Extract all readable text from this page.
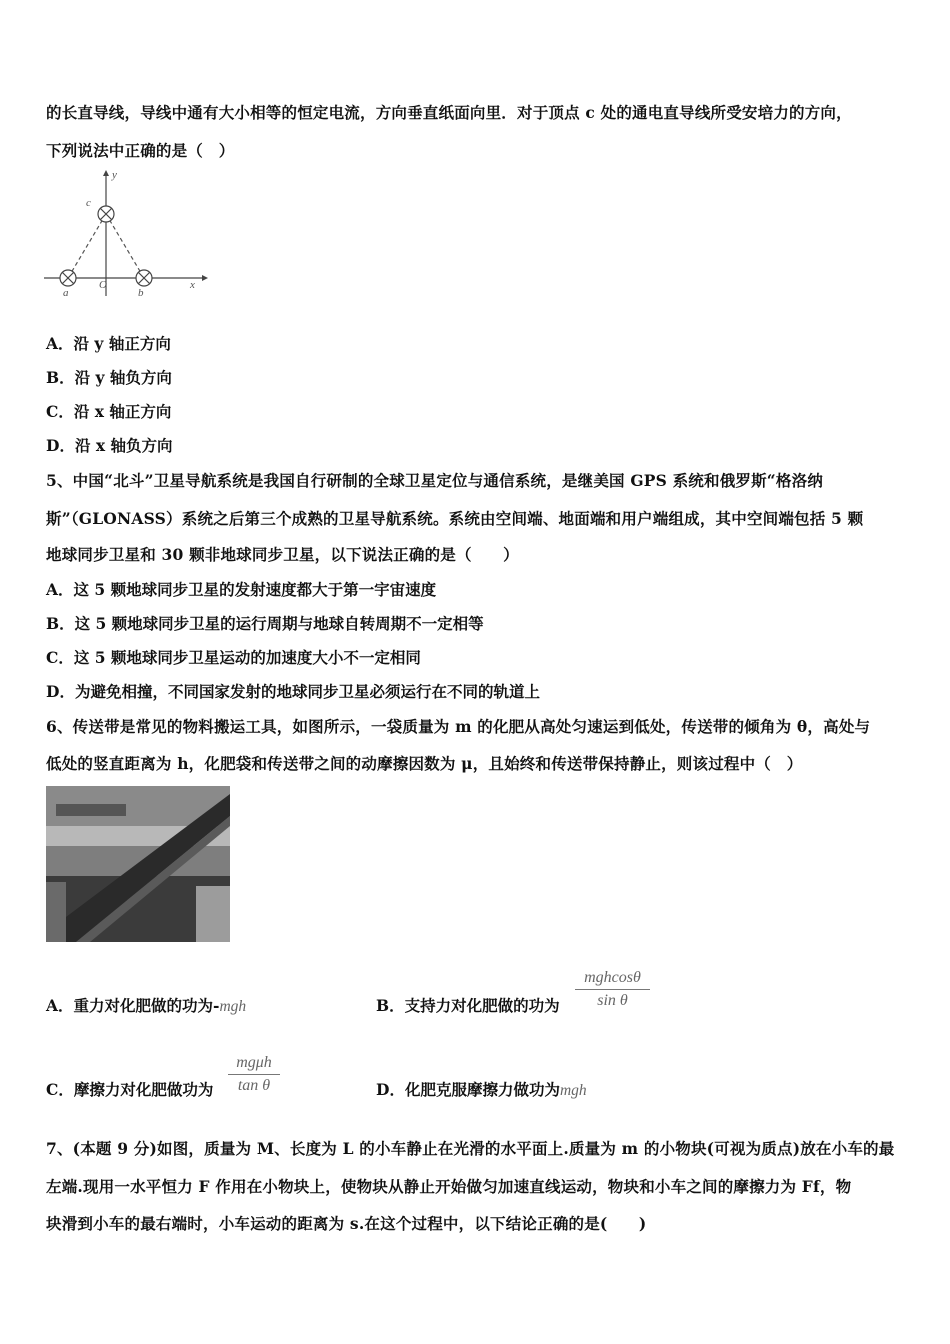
的长直导线，导线中通有大小相等的恒定电流，方向垂直纸面向里．对于顶点 c 处的通电直导线所受安培力的方向，
下列说法中正确的是（　）
y
c
a
O
b
x
A．沿 y 轴正方向
B．沿 y 轴负方向
C．沿 x 轴正方向
D．沿 x 轴负方向
5、中国“北斗”卫星导航系统是我国自行研制的全球卫星定位与通信系统，是继美国 GPS 系统和俄罗斯“格洛纳
斯”（GLONASS）系统之后第三个成熟的卫星导航系统。系统由空间端、地面端和用户端组成，其中空间端包括 5 颗
地球同步卫星和 30 颗非地球同步卫星，以下说法正确的是（　　）
A．这 5 颗地球同步卫星的发射速度都大于第一宇宙速度
B．这 5 颗地球同步卫星的运行周期与地球自转周期不一定相等
C．这 5 颗地球同步卫星运动的加速度大小不一定相同
D．为避免相撞，不同国家发射的地球同步卫星必须运行在不同的轨道上
6、传送带是常见的物料搬运工具，如图所示，一袋质量为 m 的化肥从高处匀速运到低处，传送带的倾角为 θ，高处与
低处的竖直距离为 h，化肥袋和传送带之间的动摩擦因数为 μ，且始终和传送带保持静止，则该过程中（　）
A．重力对化肥做的功为-mgh	B．支持力对化肥做的功为
mghcosθ
sin θ
C．摩擦力对化肥做功为
mgμh
tan θ	D．化肥克服摩擦力做功为mgh
7、(本题 9 分)如图，质量为 M、长度为 L 的小车静止在光滑的水平面上.质量为 m 的小物块(可视为质点)放在小车的最
左端.现用一水平恒力 F 作用在小物块上，使物块从静止开始做匀加速直线运动，物块和小车之间的摩擦力为 Ff，物
块滑到小车的最右端时，小车运动的距离为 s.在这个过程中，以下结论正确的是(　　)
